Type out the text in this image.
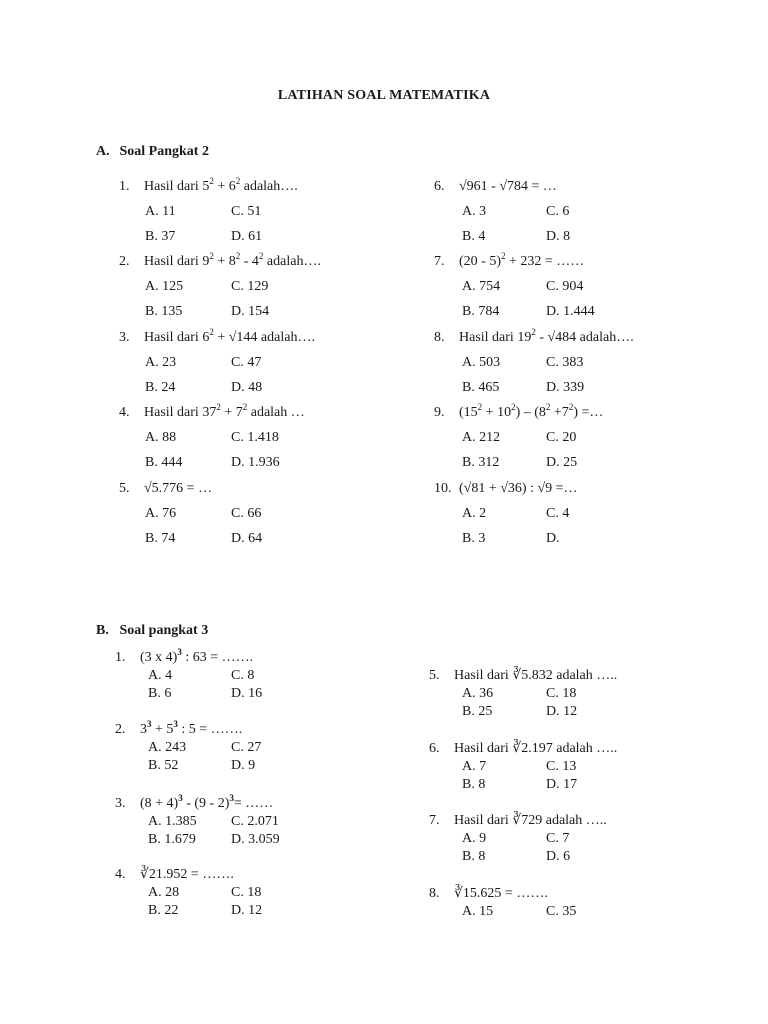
LATIHAN SOAL MATEMATIKA
A. Soal Pangkat 2
B. Soal pangkat 3
1. Hasil dari $5^2 + 6^2$ adalah….
A. 11	C. 51
B. 37	D. 61
2. Hasil dari $9^2 + 8^2 - 4^2$ adalah….
A. 125	C. 129
B. 135	D. 154
3. Hasil dari $6^2 + √144$ adalah….
A. 23	C. 47
B. 24	D. 48
4. Hasil dari $37^2 + 7^2$ adalah …
A. 88	C. 1.418
B. 444	D. 1.936
5. √5.776 = …
A. 76	C. 66
B. 74	D. 64
6. √961 - √784 = …
A. 3	C. 6
B. 4	D. 8
7. (20 - 5)$^2$ + 232 = ……
A. 754	C. 904
B. 784	D. 1.444
8. Hasil dari $19^2 - √484$ adalah….
A. 503	C. 383
B. 465	D. 339
9. $(15^2 + 10^2) - (8^2 +7^2)$ =…
A. 212	C. 20
B. 312	D. 25
10. (√81 + √36) : √9 =…
A. 2	C. 4
B. 3	D.
1. (3 x 4)$^3$ : 63 = …….
A. 4	C. 8
B. 6	D. 16
2. $3^3 + 5^3$ : 5 = …….
A. 243	C. 27
B. 52	D. 9
3. $(8 + 4)^3 - (9 - 2)^3=$ ……
A. 1.385 C. 2.071
B. 1.679	D. 3.059
4. ∛21.952 = …….
A. 28	C. 18
B. 22	D. 12
5. Hasil dari ∛5.832 adalah …..
A. 36	C. 18
B. 25	D. 12
6. Hasil dari ∛2.197 adalah …..
A. 7	C. 13
B. 8	D. 17
7. Hasil dari ∛729 adalah …..
A. 9	C. 7
B. 8	D. 6
8. ∛15.625 = …….
A. 15	C. 35
